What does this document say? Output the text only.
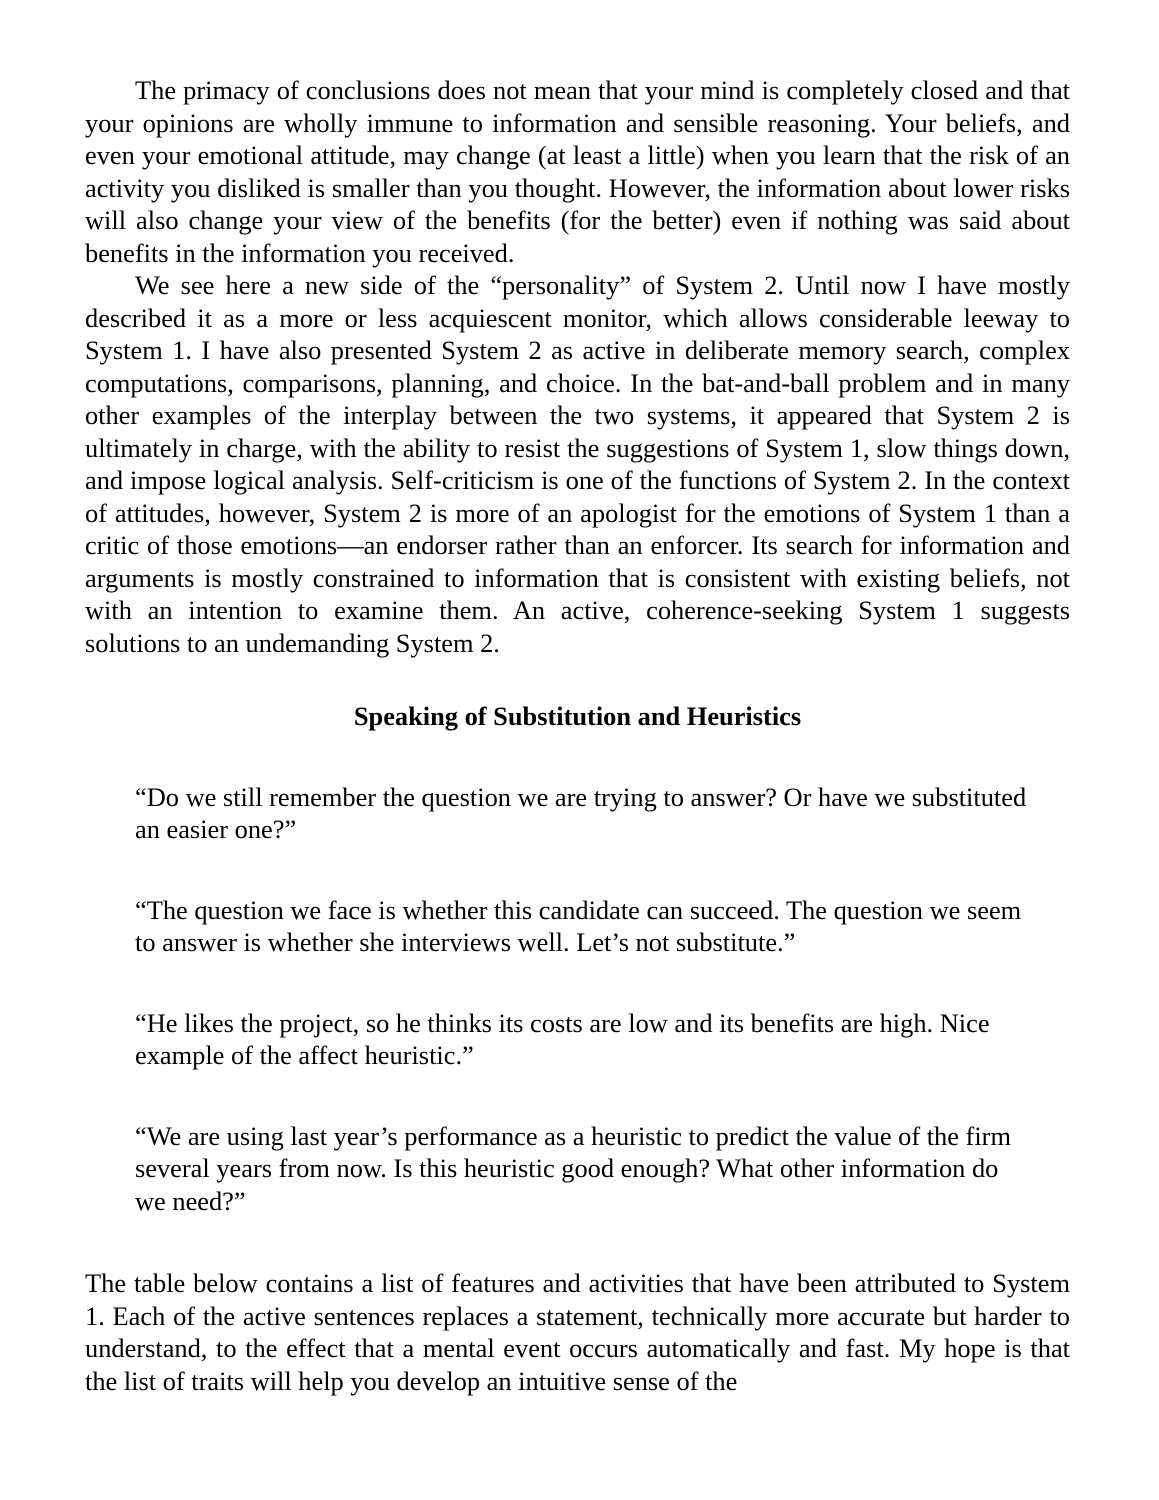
The primacy of conclusions does not mean that your mind is completely closed and that your opinions are wholly immune to information and sensible reasoning. Your beliefs, and even your emotional attitude, may change (at least a little) when you learn that the risk of an activity you disliked is smaller than you thought. However, the information about lower risks will also change your view of the benefits (for the better) even if nothing was said about benefits in the information you received.

We see here a new side of the “personality” of System 2. Until now I have mostly described it as a more or less acquiescent monitor, which allows considerable leeway to System 1. I have also presented System 2 as active in deliberate memory search, complex computations, comparisons, planning, and choice. In the bat-and-ball problem and in many other examples of the interplay between the two systems, it appeared that System 2 is ultimately in charge, with the ability to resist the suggestions of System 1, slow things down, and impose logical analysis. Self-criticism is one of the functions of System 2. In the context of attitudes, however, System 2 is more of an apologist for the emotions of System 1 than a critic of those emotions—an endorser rather than an enforcer. Its search for information and arguments is mostly constrained to information that is consistent with existing beliefs, not with an intention to examine them. An active, coherence-seeking System 1 suggests solutions to an undemanding System 2.

Speaking of Substitution and Heuristics

“Do we still remember the question we are trying to answer? Or have we substituted an easier one?”

“The question we face is whether this candidate can succeed. The question we seem to answer is whether she interviews well. Let’s not substitute.”

“He likes the project, so he thinks its costs are low and its benefits are high. Nice example of the affect heuristic.”

“We are using last year’s performance as a heuristic to predict the value of the firm several years from now. Is this heuristic good enough? What other information do we need?”

The table below contains a list of features and activities that have been attributed to System 1. Each of the active sentences replaces a statement, technically more accurate but harder to understand, to the effect that a mental event occurs automatically and fast. My hope is that the list of traits will help you develop an intuitive sense of the
